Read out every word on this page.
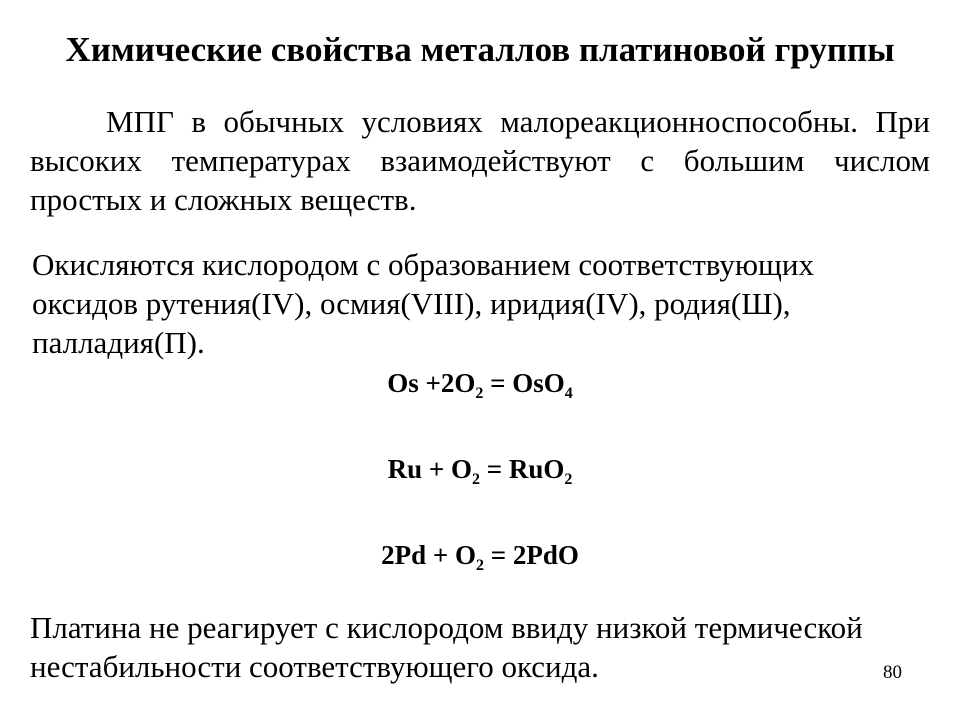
Химические свойства металлов платиновой группы
МПГ в обычных условиях малореакционноспособны. При высоких температурах взаимодействуют с большим числом простых и сложных веществ.
Окисляются кислородом с образованием соответствующих
оксидов рутения(IV), осмия(VIII), иридия(IV), родия(Ш),
палладия(П).
$Os +2O_2 = OsO_4$
$Ru + O_2 = RuO_2$
$2Pd + O_2 = 2PdO$
Платина не реагирует с кислородом ввиду низкой термической
нестабильности соответствующего оксида.	80
